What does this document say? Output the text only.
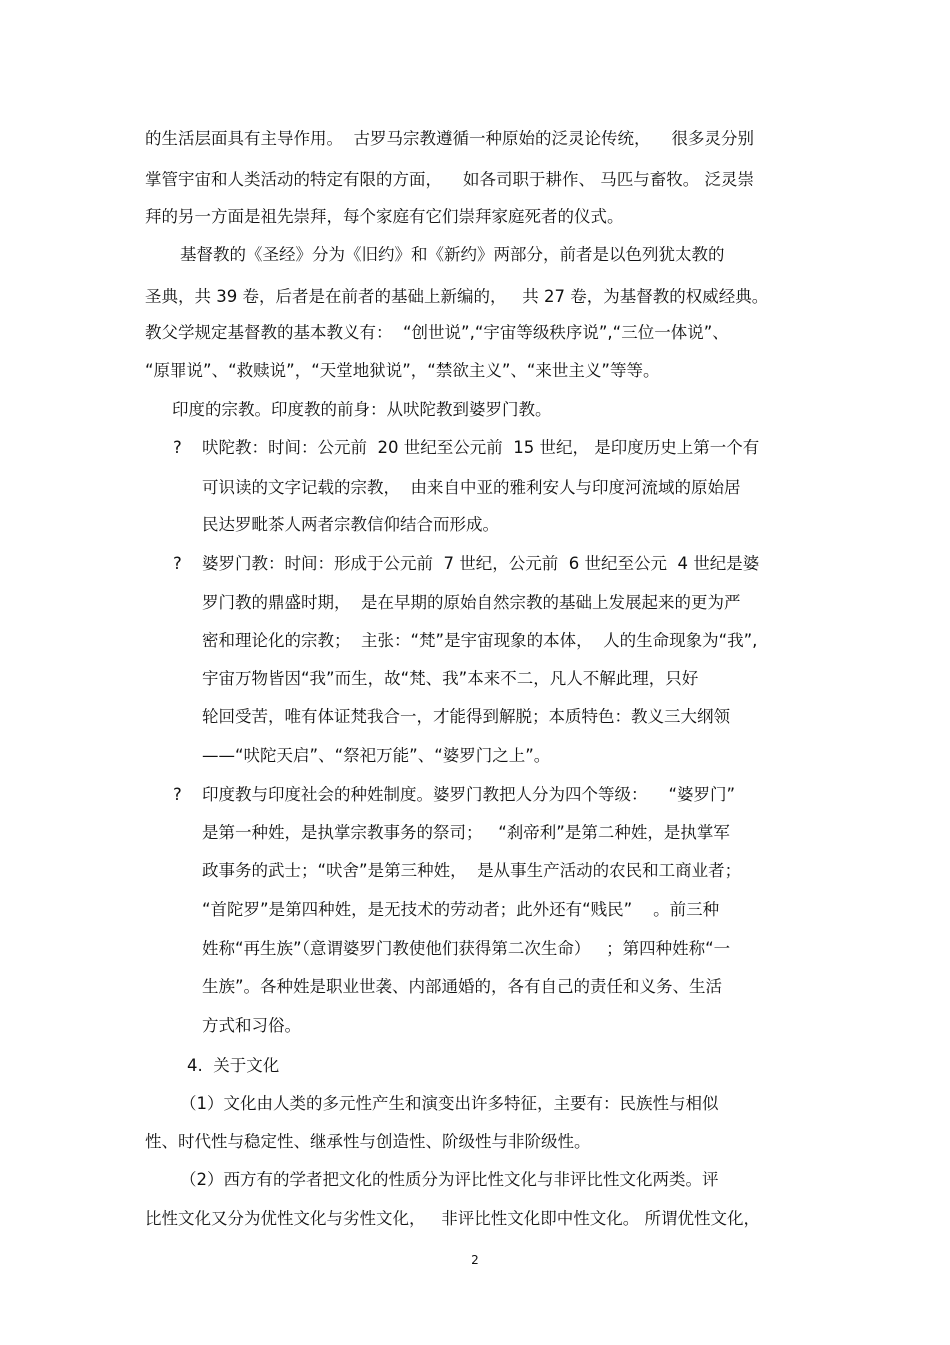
的生活层面具有主导作用。  古罗马宗教遵循一种原始的泛灵论传统，    很多灵分别
掌管宇宙和人类活动的特定有限的方面，    如各司职于耕作、 马匹与畜牧。 泛灵崇
拜的另一方面是祖先崇拜，每个家庭有它们崇拜家庭死者的仪式。
基督教的《圣经》分为《旧约》和《新约》两部分，前者是以色列犹太教的
圣典，共 39 卷，后者是在前者的基础上新编的，   共 27 卷，为基督教的权威经典。
教父学规定基督教的基本教义有：  “创世说”,“宇宙等级秩序说”,“三位一体说”、
“原罪说”、“救赎说”，“天堂地狱说”，“禁欲主义”、“来世主义”等等。
印度的宗教。印度教的前身：从吠陀教到婆罗门教。
? 吠陀教：时间：公元前  20 世纪至公元前  15 世纪， 是印度历史上第一个有
可识读的文字记载的宗教，  由来自中亚的雅利安人与印度河流域的原始居
民达罗毗茶人两者宗教信仰结合而形成。
? 婆罗门教：时间：形成于公元前  7 世纪，公元前  6 世纪至公元  4 世纪是婆
罗门教的鼎盛时期，  是在早期的原始自然宗教的基础上发展起来的更为严
密和理论化的宗教；  主张：“梵”是宇宙现象的本体，  人的生命现象为“我”,
宇宙万物皆因“我”而生，故“梵、我”本来不二，凡人不解此理，只好
轮回受苦，唯有体证梵我合一，才能得到解脱；本质特色：教义三大纲领
——“吠陀天启”、“祭祀万能”、“婆罗门之上”。
? 印度教与印度社会的种姓制度。婆罗门教把人分为四个等级：    “婆罗门”
是第一种姓，是执掌宗教事务的祭司；   “刹帝利”是第二种姓，是执掌军
政事务的武士；“吠舍”是第三种姓，  是从事生产活动的农民和工商业者；
“首陀罗”是第四种姓，是无技术的劳动者；此外还有“贱民”    。前三种
姓称“再生族”（意谓婆罗门教使他们获得第二次生命）   ；第四种姓称“一
生族”。各种姓是职业世袭、内部通婚的，各有自己的责任和义务、生活
方式和习俗。
4.  关于文化
（1）文化由人类的多元性产生和演变出许多特征，主要有：民族性与相似
性、时代性与稳定性、继承性与创造性、阶级性与非阶级性。
（2）西方有的学者把文化的性质分为评比性文化与非评比性文化两类。评
比性文化又分为优性文化与劣性文化，   非评比性文化即中性文化。 所谓优性文化，
2
